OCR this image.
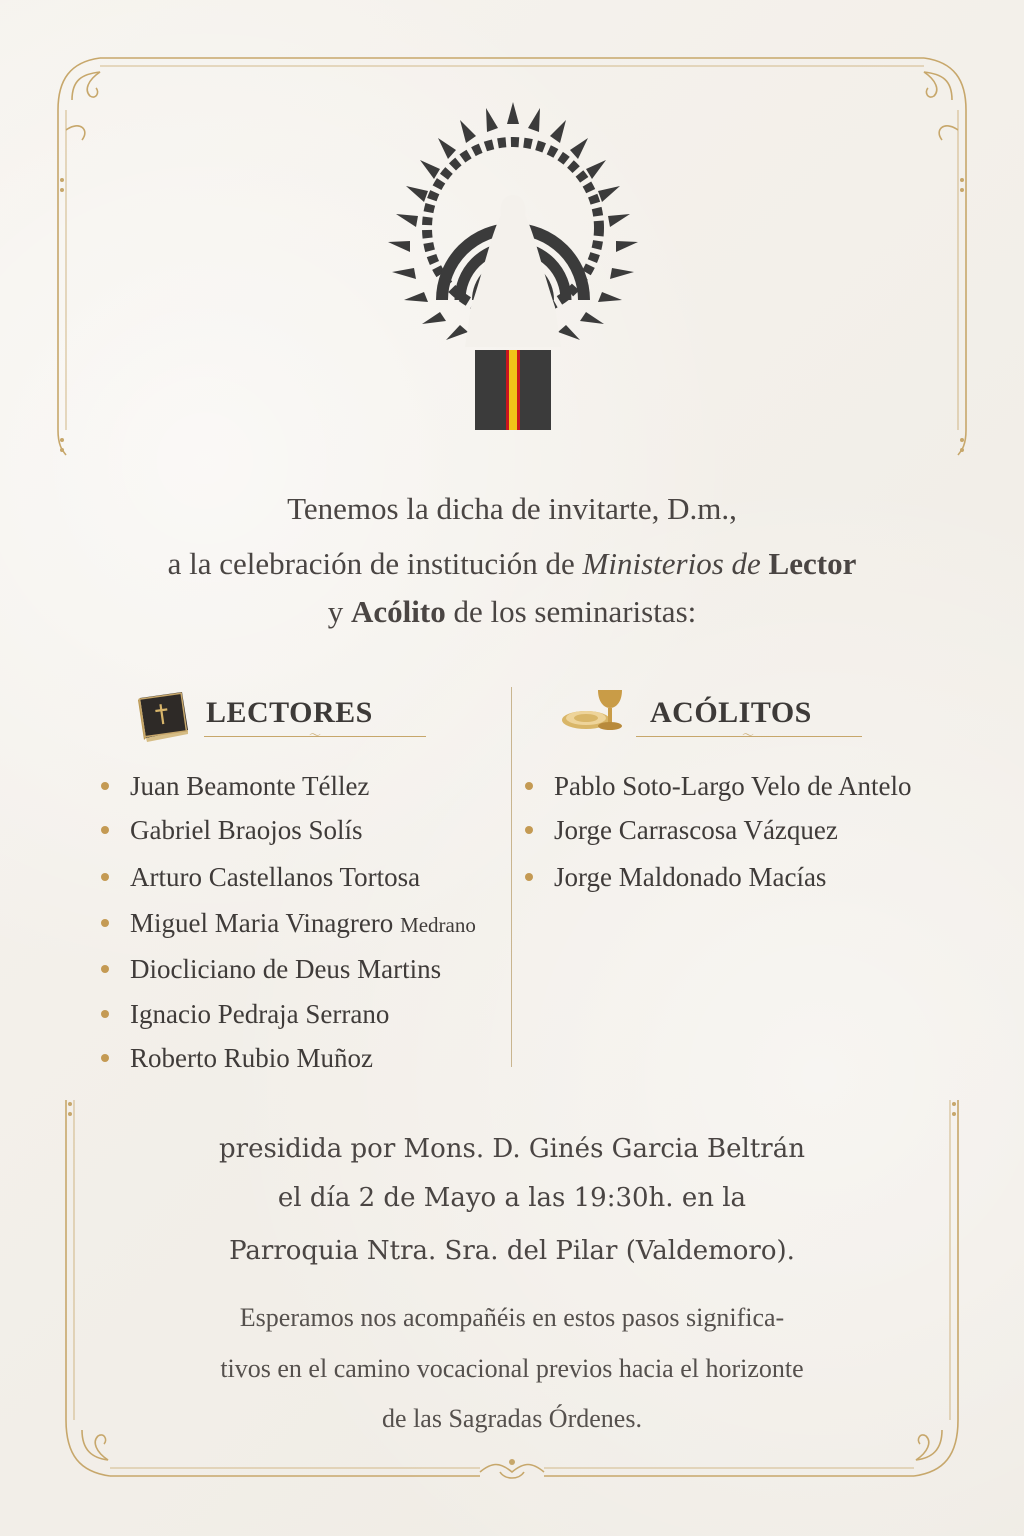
Tenemos la dicha de invitarte, D.m.,
a la celebración de institución de Ministerios de Lector
y Acólito de los seminaristas:
LECTORES
〜
ACÓLITOS
〜
Juan Beamonte Téllez
Gabriel Braojos Solís
Arturo Castellanos Tortosa
Miguel Maria Vinagrero Medrano
Diocliciano de Deus Martins
Ignacio Pedraja Serrano
Roberto Rubio Muñoz
Pablo Soto-Largo Velo de Antelo
Jorge Carrascosa Vázquez
Jorge Maldonado Macías
presidida por Mons. D. Ginés Garcia Beltrán
el día 2 de Mayo a las 19:30h. en la
Parroquia Ntra. Sra. del Pilar (Valdemoro).
Esperamos nos acompañéis en estos pasos significa-
tivos en el camino vocacional previos hacia el horizonte
de las Sagradas Órdenes.
